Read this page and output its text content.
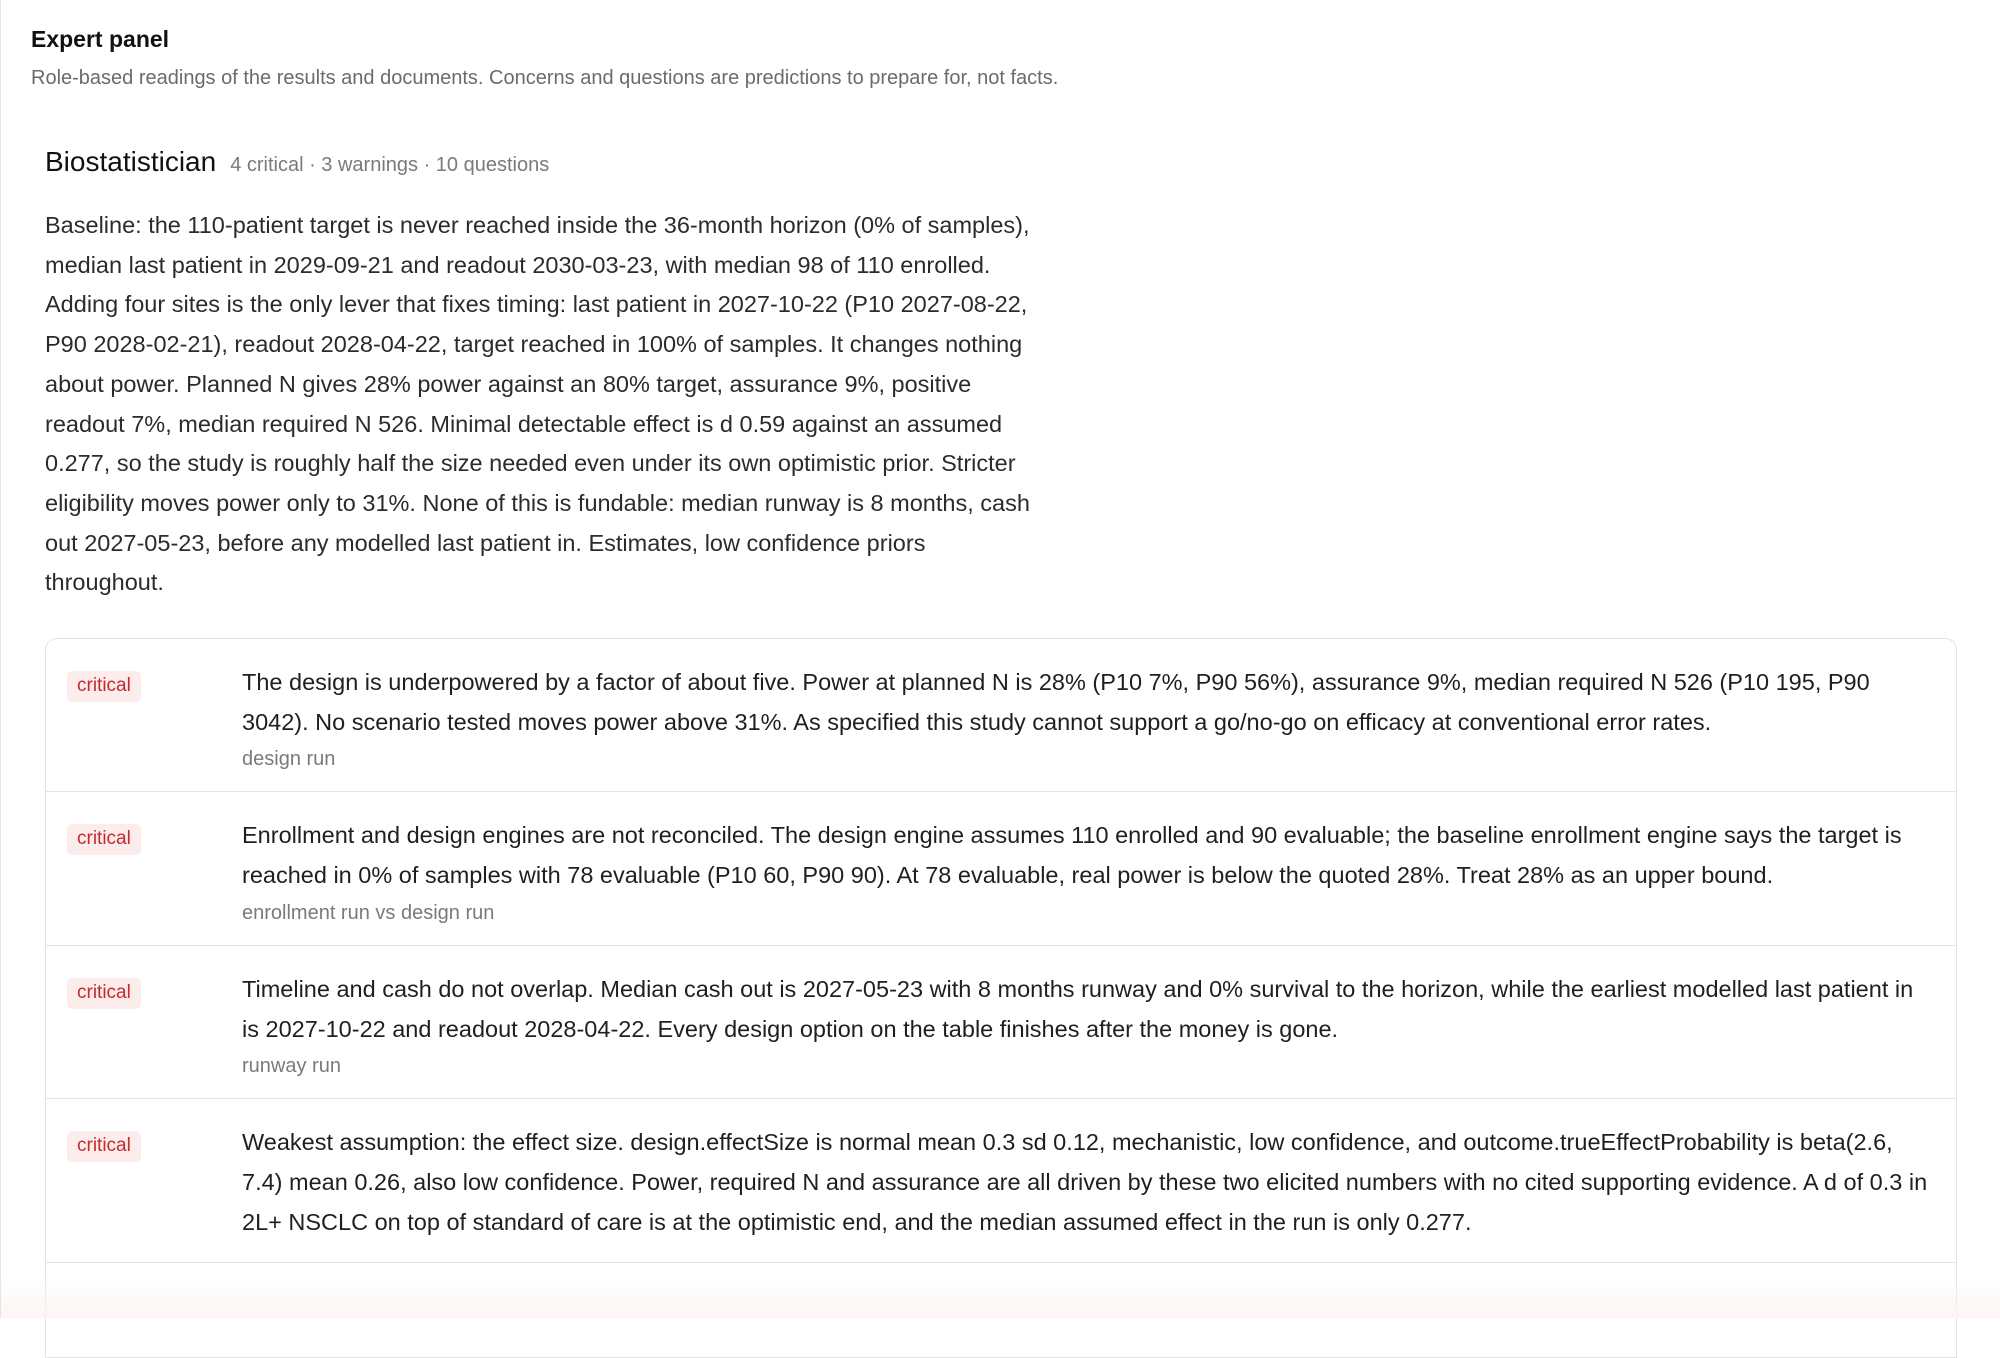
Expert panel
Role-based readings of the results and documents. Concerns and questions are predictions to prepare for, not facts.
Biostatistician 4 critical · 3 warnings · 10 questions
Baseline: the 110-patient target is never reached inside the 36-month horizon (0% of samples), median last patient in 2029-09-21 and readout 2030-03-23, with median 98 of 110 enrolled. Adding four sites is the only lever that fixes timing: last patient in 2027-10-22 (P10 2027-08-22, P90 2028-02-21), readout 2028-04-22, target reached in 100% of samples. It changes nothing about power. Planned N gives 28% power against an 80% target, assurance 9%, positive readout 7%, median required N 526. Minimal detectable effect is d 0.59 against an assumed 0.277, so the study is roughly half the size needed even under its own optimistic prior. Stricter eligibility moves power only to 31%. None of this is fundable: median runway is 8 months, cash out 2027-05-23, before any modelled last patient in. Estimates, low confidence priors throughout.
critical	The design is underpowered by a factor of about five. Power at planned N is 28% (P10 7%, P90 56%), assurance 9%, median required N 526 (P10 195, P90 3042). No scenario tested moves power above 31%. As specified this study cannot support a go/no-go on efficacy at conventional error rates.
design run
critical	Enrollment and design engines are not reconciled. The design engine assumes 110 enrolled and 90 evaluable; the baseline enrollment engine says the target is reached in 0% of samples with 78 evaluable (P10 60, P90 90). At 78 evaluable, real power is below the quoted 28%. Treat 28% as an upper bound.
enrollment run vs design run
critical	Timeline and cash do not overlap. Median cash out is 2027-05-23 with 8 months runway and 0% survival to the horizon, while the earliest modelled last patient in is 2027-10-22 and readout 2028-04-22. Every design option on the table finishes after the money is gone.
runway run
critical	Weakest assumption: the effect size. design.effectSize is normal mean 0.3 sd 0.12, mechanistic, low confidence, and outcome.trueEffectProbability is beta(2.6, 7.4) mean 0.26, also low confidence. Power, required N and assurance are all driven by these two elicited numbers with no cited supporting evidence. A d of 0.3 in 2L+ NSCLC on top of standard of care is at the optimistic end, and the median assumed effect in the run is only 0.277.
